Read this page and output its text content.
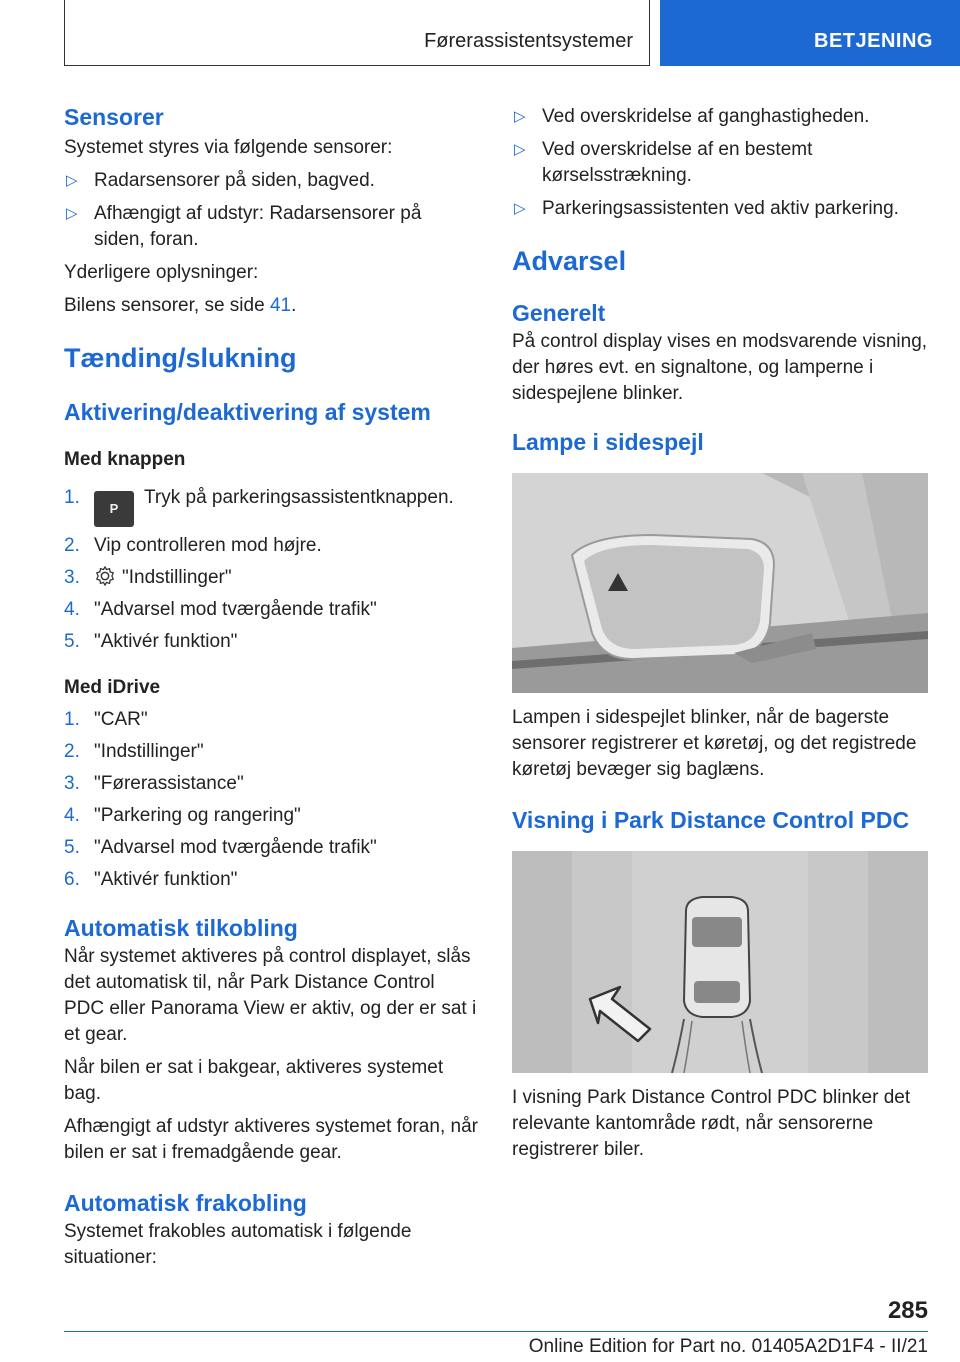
Førerassistentsystemer	BETJENING
Sensorer
Systemet styres via følgende sensorer:
▷ Radarsensorer på siden, bagved.
▷ Afhængigt af udstyr: Radarsensorer på siden, foran.
Yderligere oplysninger:
Bilens sensorer, se side 41.
Tænding/slukning
Aktivering/deaktivering af system
Med knappen
1.
PTryk på parkeringsassistentknappen.
2. Vip controlleren mod højre.
3. "Indstillinger"
4. "Advarsel mod tværgående trafik"
5. "Aktivér funktion"
Med iDrive
1. "CAR"
2. "Indstillinger"
3. "Førerassistance"
4. "Parkering og rangering"
5. "Advarsel mod tværgående trafik"
6. "Aktivér funktion"
Automatisk tilkobling
Når systemet aktiveres på control displayet, slås det automatisk til, når Park Distance Control PDC eller Panorama View er aktiv, og der er sat i et gear.
Når bilen er sat i bakgear, aktiveres systemet bag.
Afhængigt af udstyr aktiveres systemet foran, når bilen er sat i fremadgående gear.
Automatisk frakobling
Systemet frakobles automatisk i følgende situationer:
▷ Ved overskridelse af ganghastigheden.
▷ Ved overskridelse af en bestemt kørselsstrækning.
▷ Parkeringsassistenten ved aktiv parkering.
Advarsel
Generelt
På control display vises en modsvarende visning, der høres evt. en signaltone, og lamperne i sidespejlene blinker.
Lampe i sidespejl
Lampen i sidespejlet blinker, når de bagerste sensorer registrerer et køretøj, og det registrede køretøj bevæger sig baglæns.
Visning i Park Distance Control PDC
I visning Park Distance Control PDC blinker det relevante kantområde rødt, når sensorerne registrerer biler.
285
Online Edition for Part no. 01405A2D1F4 - II/21
